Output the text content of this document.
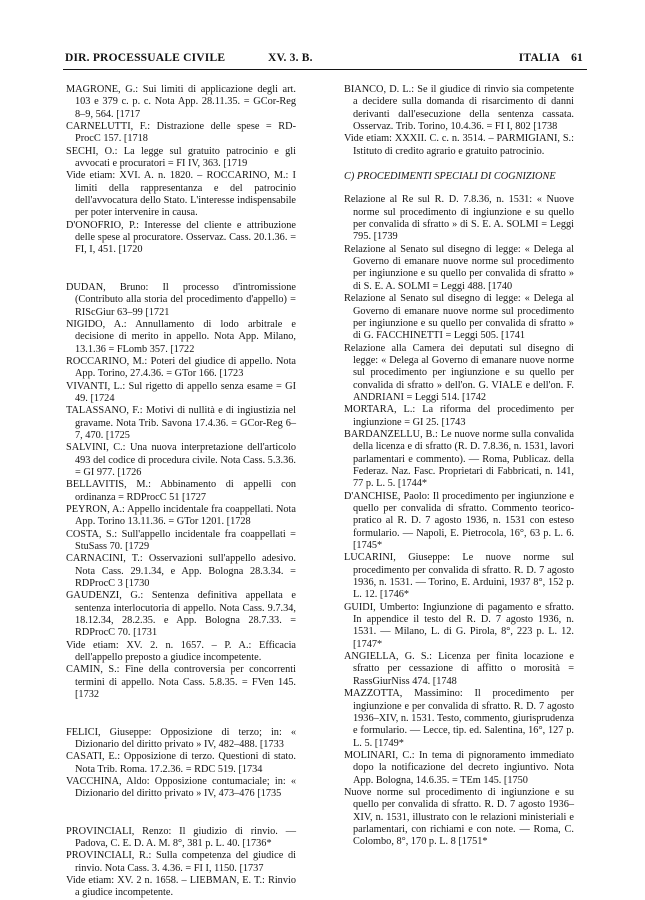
DIR. PROCESSUALE CIVILE	XV. 3. B.	ITALIA 61
MAGRONE, G.: Sui limiti di applicazione degli art. 103 e 379 c. p. c. Nota App. 28.11.35. = GCor-Reg 8–9, 564. [1717
CARNELUTTI, F.: Distrazione delle spese = RD-ProcC 157. [1718
SECHI, O.: La legge sul gratuito patrocinio e gli avvocati e procuratori = FI IV, 363. [1719
Vide etiam: XVI. A. n. 1820. – ROCCARINO, M.: I limiti della rappresentanza e del patrocinio dell'avvocatura dello Stato. L'interesse indispensabile per poter intervenire in causa.
D'ONOFRIO, P.: Interesse del cliente e attribuzione delle spese al procuratore. Osservaz. Cass. 20.1.36. = FI, I, 451. [1720
DUDAN, Bruno: Il processo d'intromissione (Contributo alla storia del procedimento d'appello) = RIScGiur 63–99 [1721
NIGIDO, A.: Annullamento di lodo arbitrale e decisione di merito in appello. Nota App. Milano, 13.1.36 = FLomb 357. [1722
ROCCARINO, M.: Poteri del giudice di appello. Nota App. Torino, 27.4.36. = GTor 166. [1723
VIVANTI, L.: Sul rigetto di appello senza esame = GI 49. [1724
TALASSANO, F.: Motivi di nullità e di ingiustizia nel gravame. Nota Trib. Savona 17.4.36. = GCor-Reg 6–7, 470. [1725
SALVINI, C.: Una nuova interpretazione dell'articolo 493 del codice di procedura civile. Nota Cass. 5.3.36. = GI 977. [1726
BELLAVITIS, M.: Abbinamento di appelli con ordinanza = RDProcC 51 [1727
PEYRON, A.: Appello incidentale fra coappellati. Nota App. Torino 13.11.36. = GTor 1201. [1728
COSTA, S.: Sull'appello incidentale fra coappellati = StuSass 70. [1729
CARNACINI, T.: Osservazioni sull'appello adesivo. Nota Cass. 29.1.34, e App. Bologna 28.3.34. = RDProcC 3 [1730
GAUDENZI, G.: Sentenza definitiva appellata e sentenza interlocutoria di appello. Nota Cass. 9.7.34, 18.12.34, 28.2.35. e App. Bologna 28.7.33. = RDProcC 70. [1731
Vide etiam: XV. 2. n. 1657. – P. A.: Efficacia dell'appello preposto a giudice incompetente.
CAMIN, S.: Fine della controversia per concorrenti termini di appello. Nota Cass. 5.8.35. = FVen 145. [1732
FELICI, Giuseppe: Opposizione di terzo; in: « Dizionario del diritto privato » IV, 482–488. [1733
CASATI, E.: Opposizione di terzo. Questioni di stato. Nota Trib. Roma. 17.2.36. = RDC 519. [1734
VACCHINA, Aldo: Opposizione contumaciale; in: « Dizionario del diritto privato » IV, 473–476 [1735
PROVINCIALI, Renzo: Il giudizio di rinvio. — Padova, C. E. D. A. M. 8°, 381 p. L. 40. [1736*
PROVINCIALI, R.: Sulla competenza del giudice di rinvio. Nota Cass. 3. 4.36. = FI I, 1150. [1737
Vide etiam: XV. 2 n. 1658. – LIEBMAN, E. T.: Rinvio a giudice incompetente.
BIANCO, D. L.: Se il giudice di rinvio sia competente a decidere sulla domanda di risarcimento di danni derivanti dall'esecuzione della sentenza cassata. Osservaz. Trib. Torino, 10.4.36. = FI I, 802 [1738
Vide etiam: XXXII. C. c. n. 3514. – PARMIGIANI, S.: Istituto di credito agrario e gratuito patrocinio.
C) PROCEDIMENTI SPECIALI DI COGNIZIONE
Relazione al Re sul R. D. 7.8.36, n. 1531: « Nuove norme sul procedimento di ingiunzione e su quello per convalida di sfratto » di S. E. A. SOLMI = Leggi 795. [1739
Relazione al Senato sul disegno di legge: « Delega al Governo di emanare nuove norme sul procedimento per ingiunzione e su quello per convalida di sfratto » di S. E. A. SOLMI = Leggi 488. [1740
Relazione al Senato sul disegno di legge: « Delega al Governo di emanare nuove norme sul procedimento per ingiunzione e su quello per convalida di sfratto » di G. FACCHINETTI = Leggi 505. [1741
Relazione alla Camera dei deputati sul disegno di legge: « Delega al Governo di emanare nuove norme sul procedimento per ingiunzione e su quello per convalida di sfratto » dell'on. G. VIALE e dell'on. F. ANDRIANI = Leggi 514. [1742
MORTARA, L.: La riforma del procedimento per ingiunzione = GI 25. [1743
BARDANZELLU, B.: Le nuove norme sulla convalida della licenza e di sfratto (R. D. 7.8.36, n. 1531, lavori parlamentari e commento). — Roma, Publicaz. della Federaz. Naz. Fasc. Proprietari di Fabbricati, n. 141, 77 p. L. 5. [1744*
D'ANCHISE, Paolo: Il procedimento per ingiunzione e quello per convalida di sfratto. Commento teorico-pratico al R. D. 7 agosto 1936, n. 1531 con esteso formulario. — Napoli, E. Pietrocola, 16°, 63 p. L. 6. [1745*
LUCARINI, Giuseppe: Le nuove norme sul procedimento per convalida di sfratto. R. D. 7 agosto 1936, n. 1531. — Torino, E. Arduini, 1937 8°, 152 p. L. 12. [1746*
GUIDI, Umberto: Ingiunzione di pagamento e sfratto. In appendice il testo del R. D. 7 agosto 1936, n. 1531. — Milano, L. di G. Pirola, 8°, 223 p. L. 12. [1747*
ANGIELLA, G. S.: Licenza per finita locazione e sfratto per cessazione di affitto o morosità = RassGiurNiss 474. [1748
MAZZOTTA, Massimino: Il procedimento per ingiunzione e per convalida di sfratto. R. D. 7 agosto 1936–XIV, n. 1531. Testo, commento, giurisprudenza e formulario. — Lecce, tip. ed. Salentina, 16°, 127 p. L. 5. [1749*
MOLINARI, C.: In tema di pignoramento immediato dopo la notificazione del decreto ingiuntivo. Nota App. Bologna, 14.6.35. = TEm 145. [1750
Nuove norme sul procedimento di ingiunzione e su quello per convalida di sfratto. R. D. 7 agosto 1936–XIV, n. 1531, illustrato con le relazioni ministeriali e parlamentari, con richiami e con note. — Roma, C. Colombo, 8°, 170 p. L. 8 [1751*
